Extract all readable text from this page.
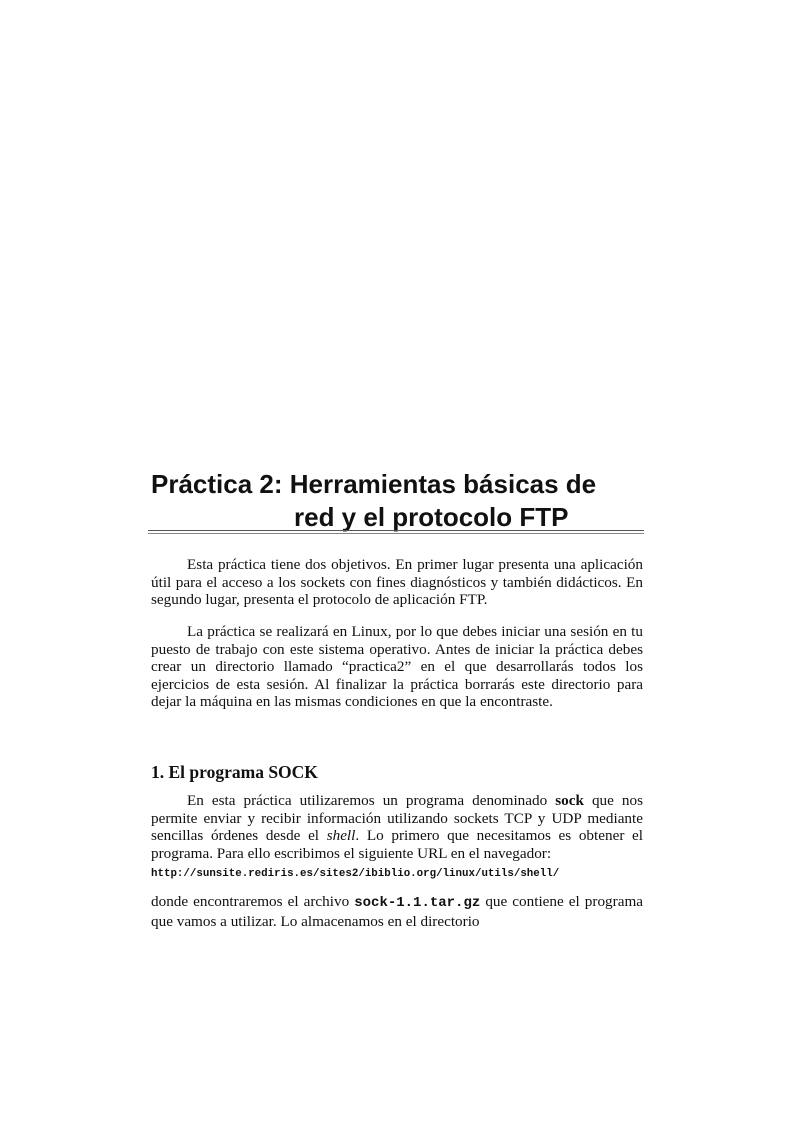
Práctica 2: Herramientas básicas de
red y el protocolo FTP

Esta práctica tiene dos objetivos. En primer lugar presenta una aplicación útil para el acceso a los sockets con fines diagnósticos y también didácticos. En segundo lugar, presenta el protocolo de aplicación FTP.

La práctica se realizará en Linux, por lo que debes iniciar una sesión en tu puesto de trabajo con este sistema operativo. Antes de iniciar la práctica debes crear un directorio llamado “practica2” en el que desarrollarás todos los ejercicios de esta sesión. Al finalizar la práctica borrarás este directorio para dejar la máquina en las mismas condiciones en que la encontraste.

1. El programa SOCK

En esta práctica utilizaremos un programa denominado sock que nos permite enviar y recibir información utilizando sockets TCP y UDP mediante sencillas órdenes desde el shell. Lo primero que necesitamos es obtener el programa. Para ello escribimos el siguiente URL en el navegador:

http://sunsite.rediris.es/sites2/ibiblio.org/linux/utils/shell/

donde encontraremos el archivo sock-1.1.tar.gz que contiene el programa que vamos a utilizar. Lo almacenamos en el directorio
